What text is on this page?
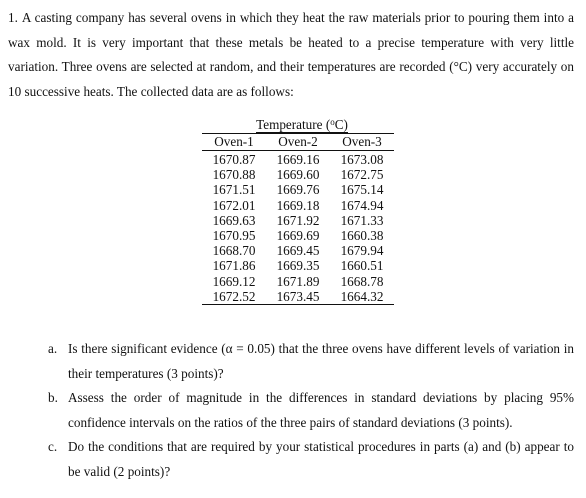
1. A casting company has several ovens in which they heat the raw materials prior to pouring them into a wax mold. It is very important that these metals be heated to a precise temperature with very little variation. Three ovens are selected at random, and their temperatures are recorded (°C) very accurately on 10 successive heats. The collected data are as follows:

Temperature ($^o$C)
Oven-1	Oven-2	Oven-3
1670.87	1669.16	1673.08
1670.88	1669.60	1672.75
1671.51	1669.76	1675.14
1672.01	1669.18	1674.94
1669.63	1671.92	1671.33
1670.95	1669.69	1660.38
1668.70	1669.45	1679.94
1671.86	1669.35	1660.51
1669.12	1671.89	1668.78
1672.52	1673.45	1664.32
a. Is there significant evidence (α = 0.05) that the three ovens have different levels of variation in their temperatures (3 points)?
b. Assess the order of magnitude in the differences in standard deviations by placing 95% confidence intervals on the ratios of the three pairs of standard deviations (3 points).
c. Do the conditions that are required by your statistical procedures in parts (a) and (b) appear to be valid (2 points)?
